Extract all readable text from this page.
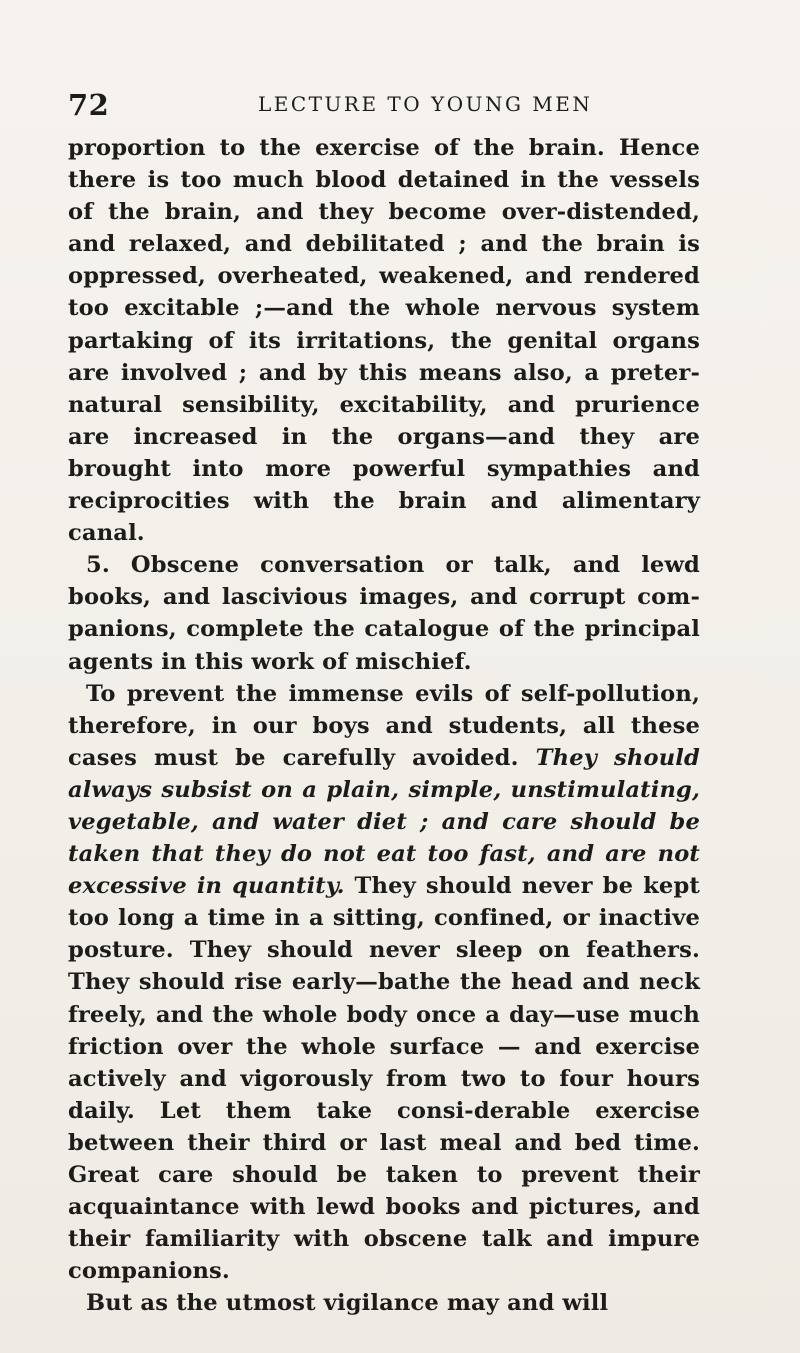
72	LECTURE TO YOUNG MEN

proportion to the exercise of the brain. Hence there is too much blood detained in the vessels of the brain, and they become over-distended, and relaxed, and debilitated ; and the brain is oppressed, overheated, weakened, and rendered too excitable ;—and the whole nervous system partaking of its irritations, the genital organs are involved ; and by this means also, a preter-natural sensibility, excitability, and prurience are increased in the organs—and they are brought into more powerful sympathies and reciprocities with the brain and alimentary canal.

5. Obscene conversation or talk, and lewd books, and lascivious images, and corrupt com-panions, complete the catalogue of the principal agents in this work of mischief.

To prevent the immense evils of self-pollution, therefore, in our boys and students, all these cases must be carefully avoided. They should always subsist on a plain, simple, unstimulating, vegetable, and water diet ; and care should be taken that they do not eat too fast, and are not excessive in quantity. They should never be kept too long a time in a sitting, confined, or inactive posture. They should never sleep on feathers. They should rise early—bathe the head and neck freely, and the whole body once a day—use much friction over the whole surface — and exercise actively and vigorously from two to four hours daily. Let them take consi-derable exercise between their third or last meal and bed time. Great care should be taken to prevent their acquaintance with lewd books and pictures, and their familiarity with obscene talk and impure companions.

But as the utmost vigilance may and will
